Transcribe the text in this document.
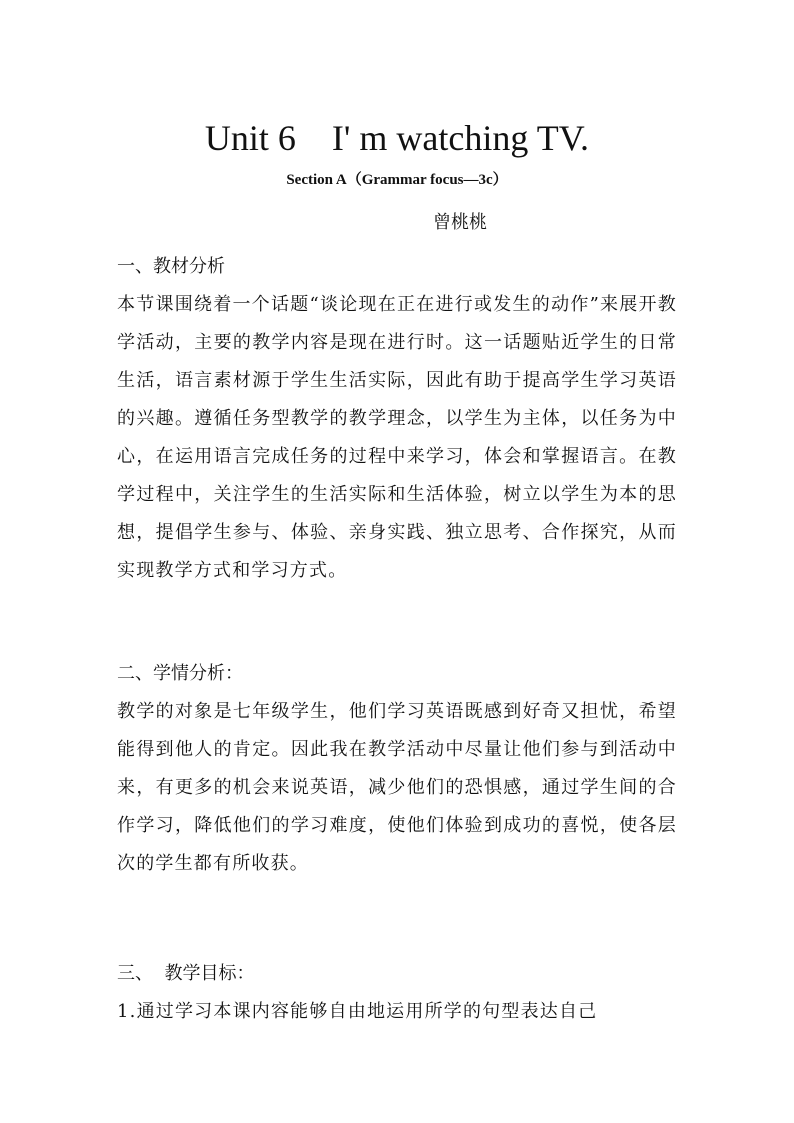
Unit 6    I' m watching TV.
Section A（Grammar focus—3c）
曾桃桃
一、教材分析
本节课围绕着一个话题“谈论现在正在进行或发生的动作”来展开教学活动，主要的教学内容是现在进行时。这一话题贴近学生的日常生活，语言素材源于学生生活实际，因此有助于提高学生学习英语的兴趣。遵循任务型教学的教学理念，以学生为主体，以任务为中心，在运用语言完成任务的过程中来学习，体会和掌握语言。在教学过程中，关注学生的生活实际和生活体验，树立以学生为本的思想，提倡学生参与、体验、亲身实践、独立思考、合作探究，从而实现教学方式和学习方式。
二、学情分析：
教学的对象是七年级学生，他们学习英语既感到好奇又担忧，希望能得到他人的肯定。因此我在教学活动中尽量让他们参与到活动中来，有更多的机会来说英语，减少他们的恐惧感，通过学生间的合作学习，降低他们的学习难度，使他们体验到成功的喜悦，使各层次的学生都有所收获。
三、  教学目标：
1.通过学习本课内容能够自由地运用所学的句型表达自己
